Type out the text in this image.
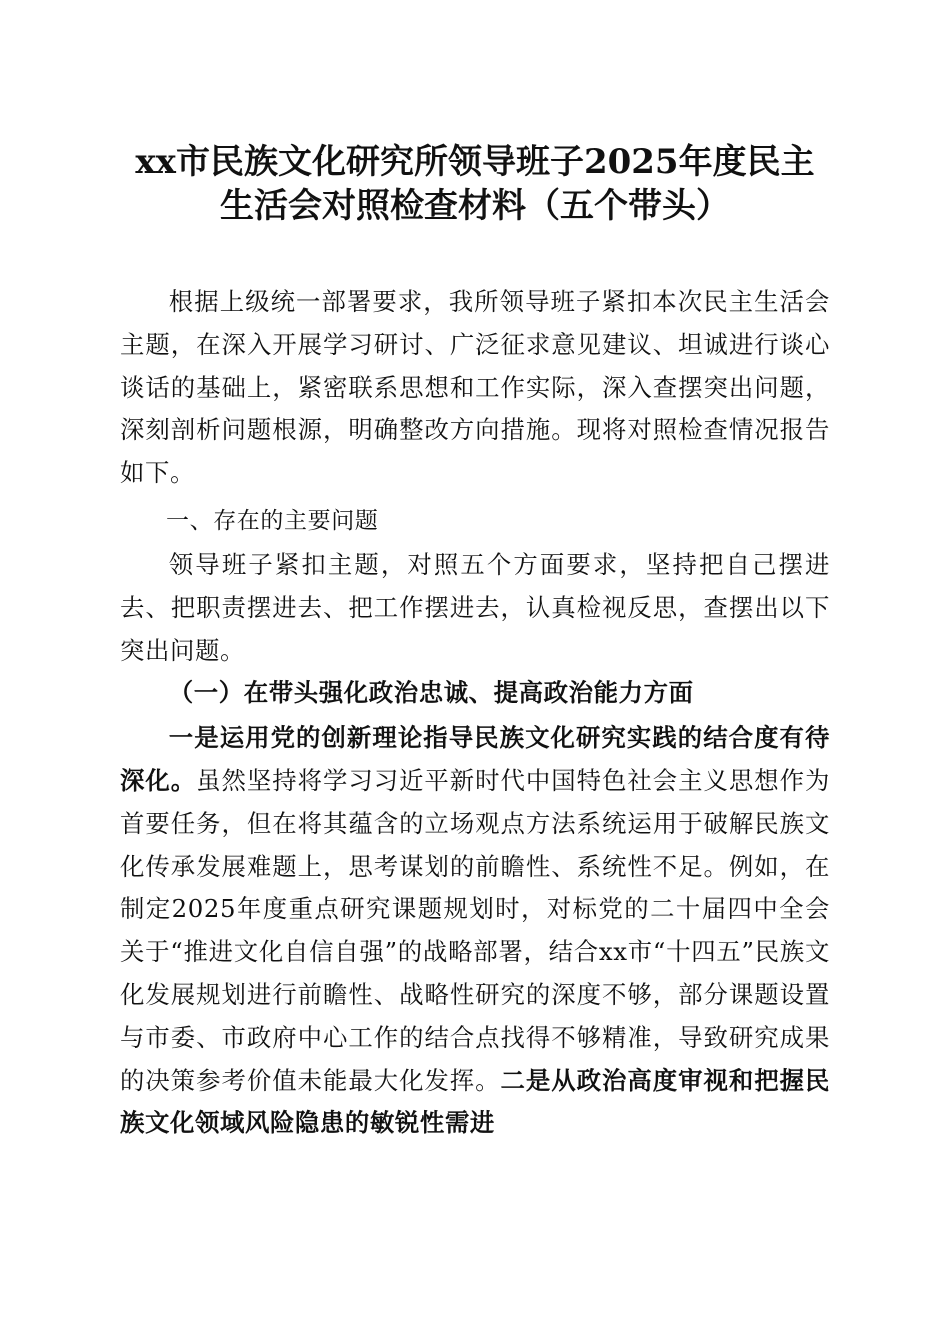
xx市民族文化研究所领导班子2025年度民主
生活会对照检查材料（五个带头）

根据上级统一部署要求，我所领导班子紧扣本次民主生活会主题，在深入开展学习研讨、广泛征求意见建议、坦诚进行谈心谈话的基础上，紧密联系思想和工作实际，深入查摆突出问题，深刻剖析问题根源，明确整改方向措施。现将对照检查情况报告如下。

一、存在的主要问题

领导班子紧扣主题，对照五个方面要求，坚持把自己摆进去、把职责摆进去、把工作摆进去，认真检视反思，查摆出以下突出问题。

（一）在带头强化政治忠诚、提高政治能力方面

一是运用党的创新理论指导民族文化研究实践的结合度有待深化。虽然坚持将学习习近平新时代中国特色社会主义思想作为首要任务，但在将其蕴含的立场观点方法系统运用于破解民族文化传承发展难题上，思考谋划的前瞻性、系统性不足。例如，在制定2025年度重点研究课题规划时，对标党的二十届四中全会关于“推进文化自信自强”的战略部署，结合xx市“十四五”民族文化发展规划进行前瞻性、战略性研究的深度不够，部分课题设置与市委、市政府中心工作的结合点找得不够精准，导致研究成果的决策参考价值未能最大化发挥。二是从政治高度审视和把握民族文化领域风险隐患的敏锐性需进
